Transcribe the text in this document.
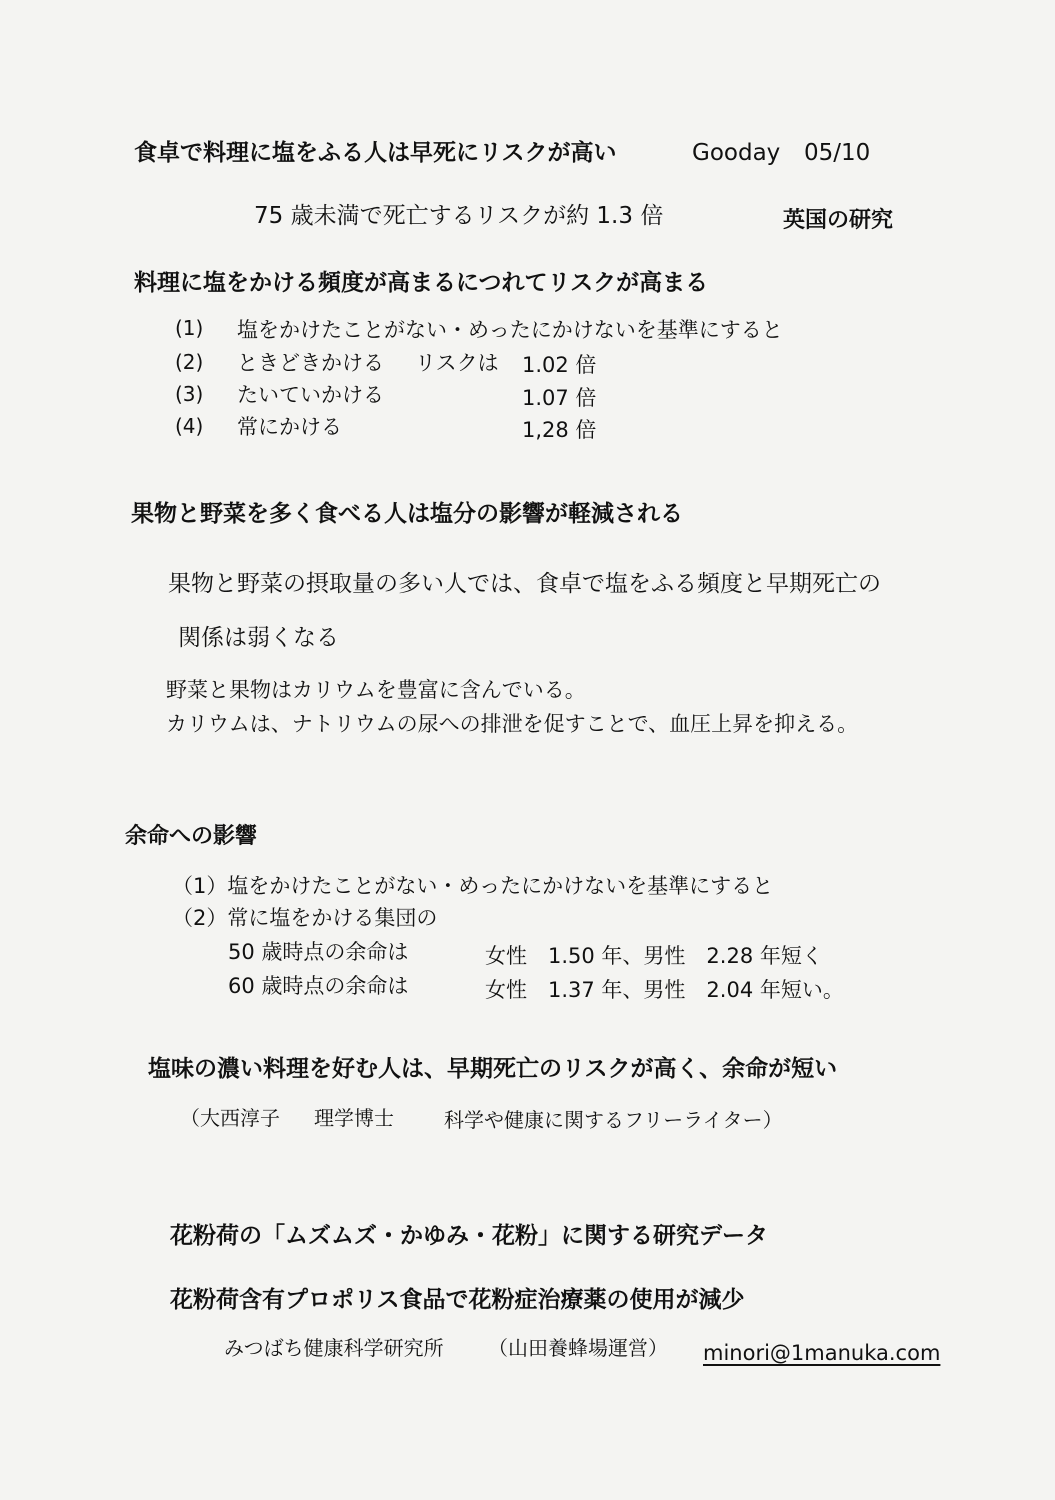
食卓で料理に塩をふる人は早死にリスクが高い	Gooday 05/10
75 歳未満で死亡するリスクが約 1.3 倍	英国の研究
料理に塩をかける頻度が高まるにつれてリスクが高まる
(1) 塩をかけたことがない・めったにかけないを基準にすると
(2) ときどきかける リスクは 1.02 倍
(3) たいていかける	1.07 倍
(4) 常にかける	1,28 倍
果物と野菜を多く食べる人は塩分の影響が軽減される
果物と野菜の摂取量の多い人では、食卓で塩をふる頻度と早期死亡の
関係は弱くなる
野菜と果物はカリウムを豊富に含んでいる。
カリウムは、ナトリウムの尿への排泄を促すことで、血圧上昇を抑える。
余命への影響
（1）塩をかけたことがない・めったにかけないを基準にすると
（2）常に塩をかける集団の
50 歳時点の余命は	女性　1.50 年、男性　2.28 年短く
60 歳時点の余命は	女性　1.37 年、男性　2.04 年短い。
塩味の濃い料理を好む人は、早期死亡のリスクが高く、余命が短い
（大西淳子 理学博士	科学や健康に関するフリーライター）
花粉荷の「ムズムズ・かゆみ・花粉」に関する研究データ
花粉荷含有プロポリス食品で花粉症治療薬の使用が減少
みつばち健康科学研究所 （山田養蜂場運営） minori@1manuka.com
